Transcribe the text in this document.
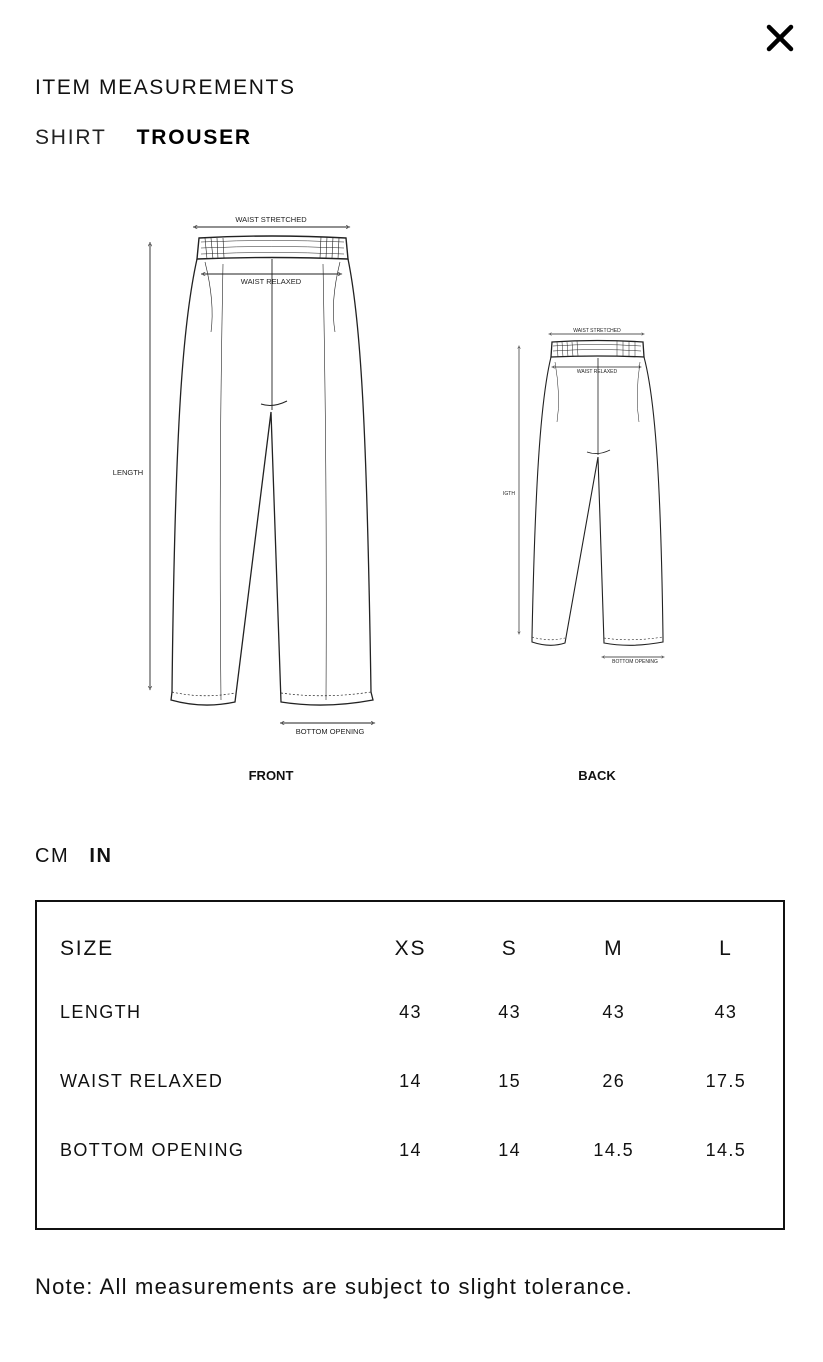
ITEM MEASUREMENTS
SHIRT TROUSER
WAIST STRETCHED
WAIST RELAXED
LENGTH
BOTTOM OPENING
FRONT
WAIST STRETCHED
WAIST RELAXED
IGTH
BOTTOM OPENING
BACK
CM IN
SIZE	XS	S	M	L
LENGTH	43	43	43	43
WAIST RELAXED	14	15	26	17.5
BOTTOM OPENING	14	14	14.5	14.5

Note: All measurements are subject to slight tolerance.
